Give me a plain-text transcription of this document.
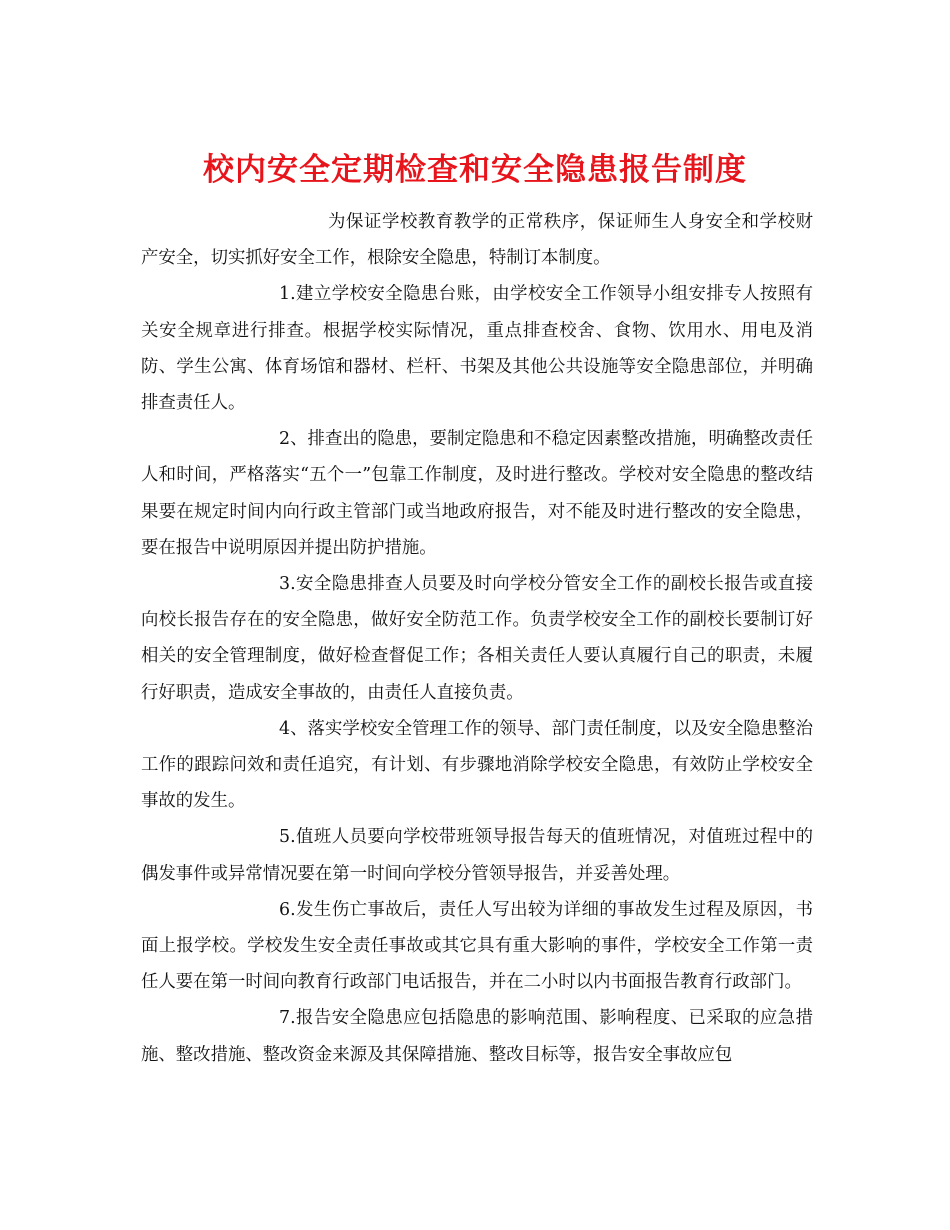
校内安全定期检查和安全隐患报告制度

为保证学校教育教学的正常秩序，保证师生人身安全和学校财产安全，切实抓好安全工作，根除安全隐患，特制订本制度。

1.建立学校安全隐患台账，由学校安全工作领导小组安排专人按照有关安全规章进行排查。根据学校实际情况，重点排查校舍、食物、饮用水、用电及消防、学生公寓、体育场馆和器材、栏杆、书架及其他公共设施等安全隐患部位，并明确排查责任人。

2、排查出的隐患，要制定隐患和不稳定因素整改措施，明确整改责任人和时间，严格落实“五个一”包靠工作制度，及时进行整改。学校对安全隐患的整改结果要在规定时间内向行政主管部门或当地政府报告，对不能及时进行整改的安全隐患，要在报告中说明原因并提出防护措施。

3.安全隐患排查人员要及时向学校分管安全工作的副校长报告或直接向校长报告存在的安全隐患，做好安全防范工作。负责学校安全工作的副校长要制订好相关的安全管理制度，做好检查督促工作；各相关责任人要认真履行自己的职责，未履行好职责，造成安全事故的，由责任人直接负责。

4、落实学校安全管理工作的领导、部门责任制度，以及安全隐患整治工作的跟踪问效和责任追究，有计划、有步骤地消除学校安全隐患，有效防止学校安全事故的发生。

5.值班人员要向学校带班领导报告每天的值班情况，对值班过程中的偶发事件或异常情况要在第一时间向学校分管领导报告，并妥善处理。

6.发生伤亡事故后，责任人写出较为详细的事故发生过程及原因，书面上报学校。学校发生安全责任事故或其它具有重大影响的事件，学校安全工作第一责任人要在第一时间向教育行政部门电话报告，并在二小时以内书面报告教育行政部门。

7.报告安全隐患应包括隐患的影响范围、影响程度、已采取的应急措施、整改措施、整改资金来源及其保障措施、整改目标等，报告安全事故应包
